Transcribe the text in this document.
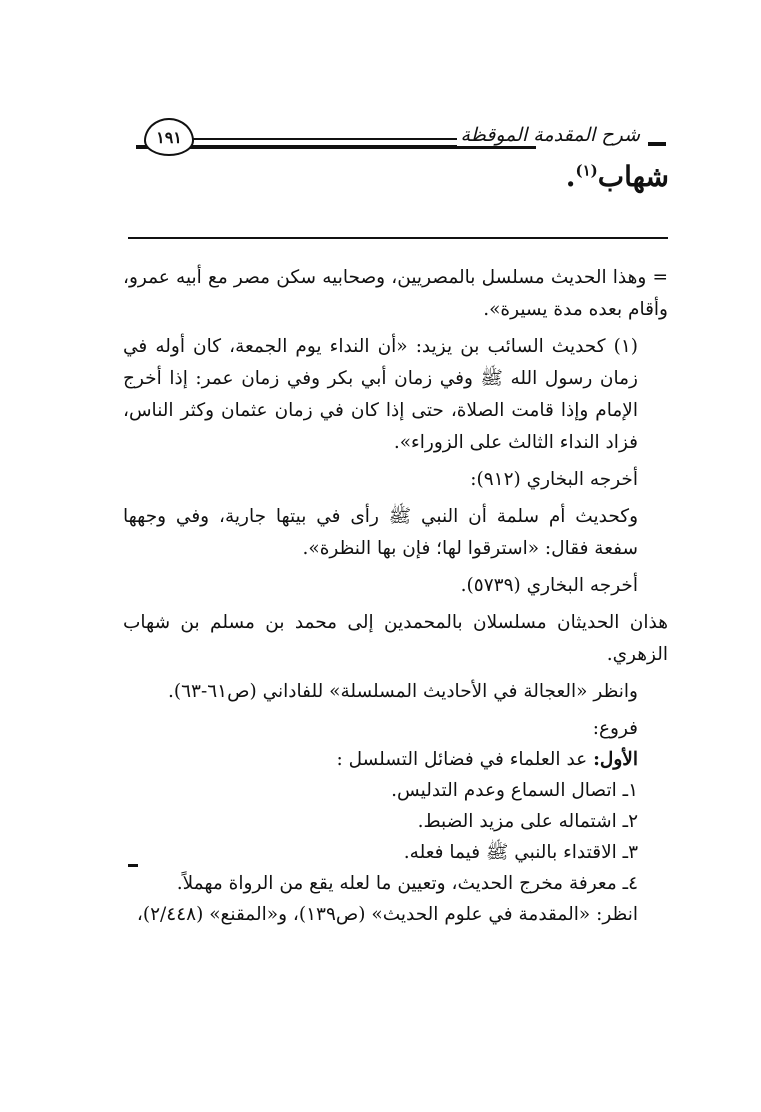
شرح المقدمة الموقظة
١٩١
شهاب$^{(١)}$.

= وهذا الحديث مسلسل بالمصريين، وصحابيه سكن مصر مع أبيه عمرو، وأقام بعده مدة يسيرة».

(١) كحديث السائب بن يزيد: «أن النداء يوم الجمعة، كان أوله في زمان رسول الله ﷺ وفي زمان أبي بكر وفي زمان عمر: إذا أخرج الإمام وإذا قامت الصلاة، حتى إذا كان في زمان عثمان وكثر الناس، فزاد النداء الثالث على الزوراء».

أخرجه البخاري (٩١٢):

وكحديث أم سلمة أن النبي ﷺ رأى في بيتها جارية، وفي وجهها سفعة فقال: «استرقوا لها؛ فإن بها النظرة».

أخرجه البخاري (٥٧٣٩).

هذان الحديثان مسلسلان بالمحمدين إلى محمد بن مسلم بن شهاب الزهري.

وانظر «العجالة في الأحاديث المسلسلة» للفاداني (ص٦١-٦٣).

فروع:
الأول: عد العلماء في فضائل التسلسل :
١ـ اتصال السماع وعدم التدليس.
٢ـ اشتماله على مزيد الضبط.
٣ـ الاقتداء بالنبي ﷺ فيما فعله.
٤ـ معرفة مخرج الحديث، وتعيين ما لعله يقع من الرواة مهملاً.

انظر: «المقدمة في علوم الحديث» (ص١٣٩)، و«المقنع» (٢/٤٤٨)،
